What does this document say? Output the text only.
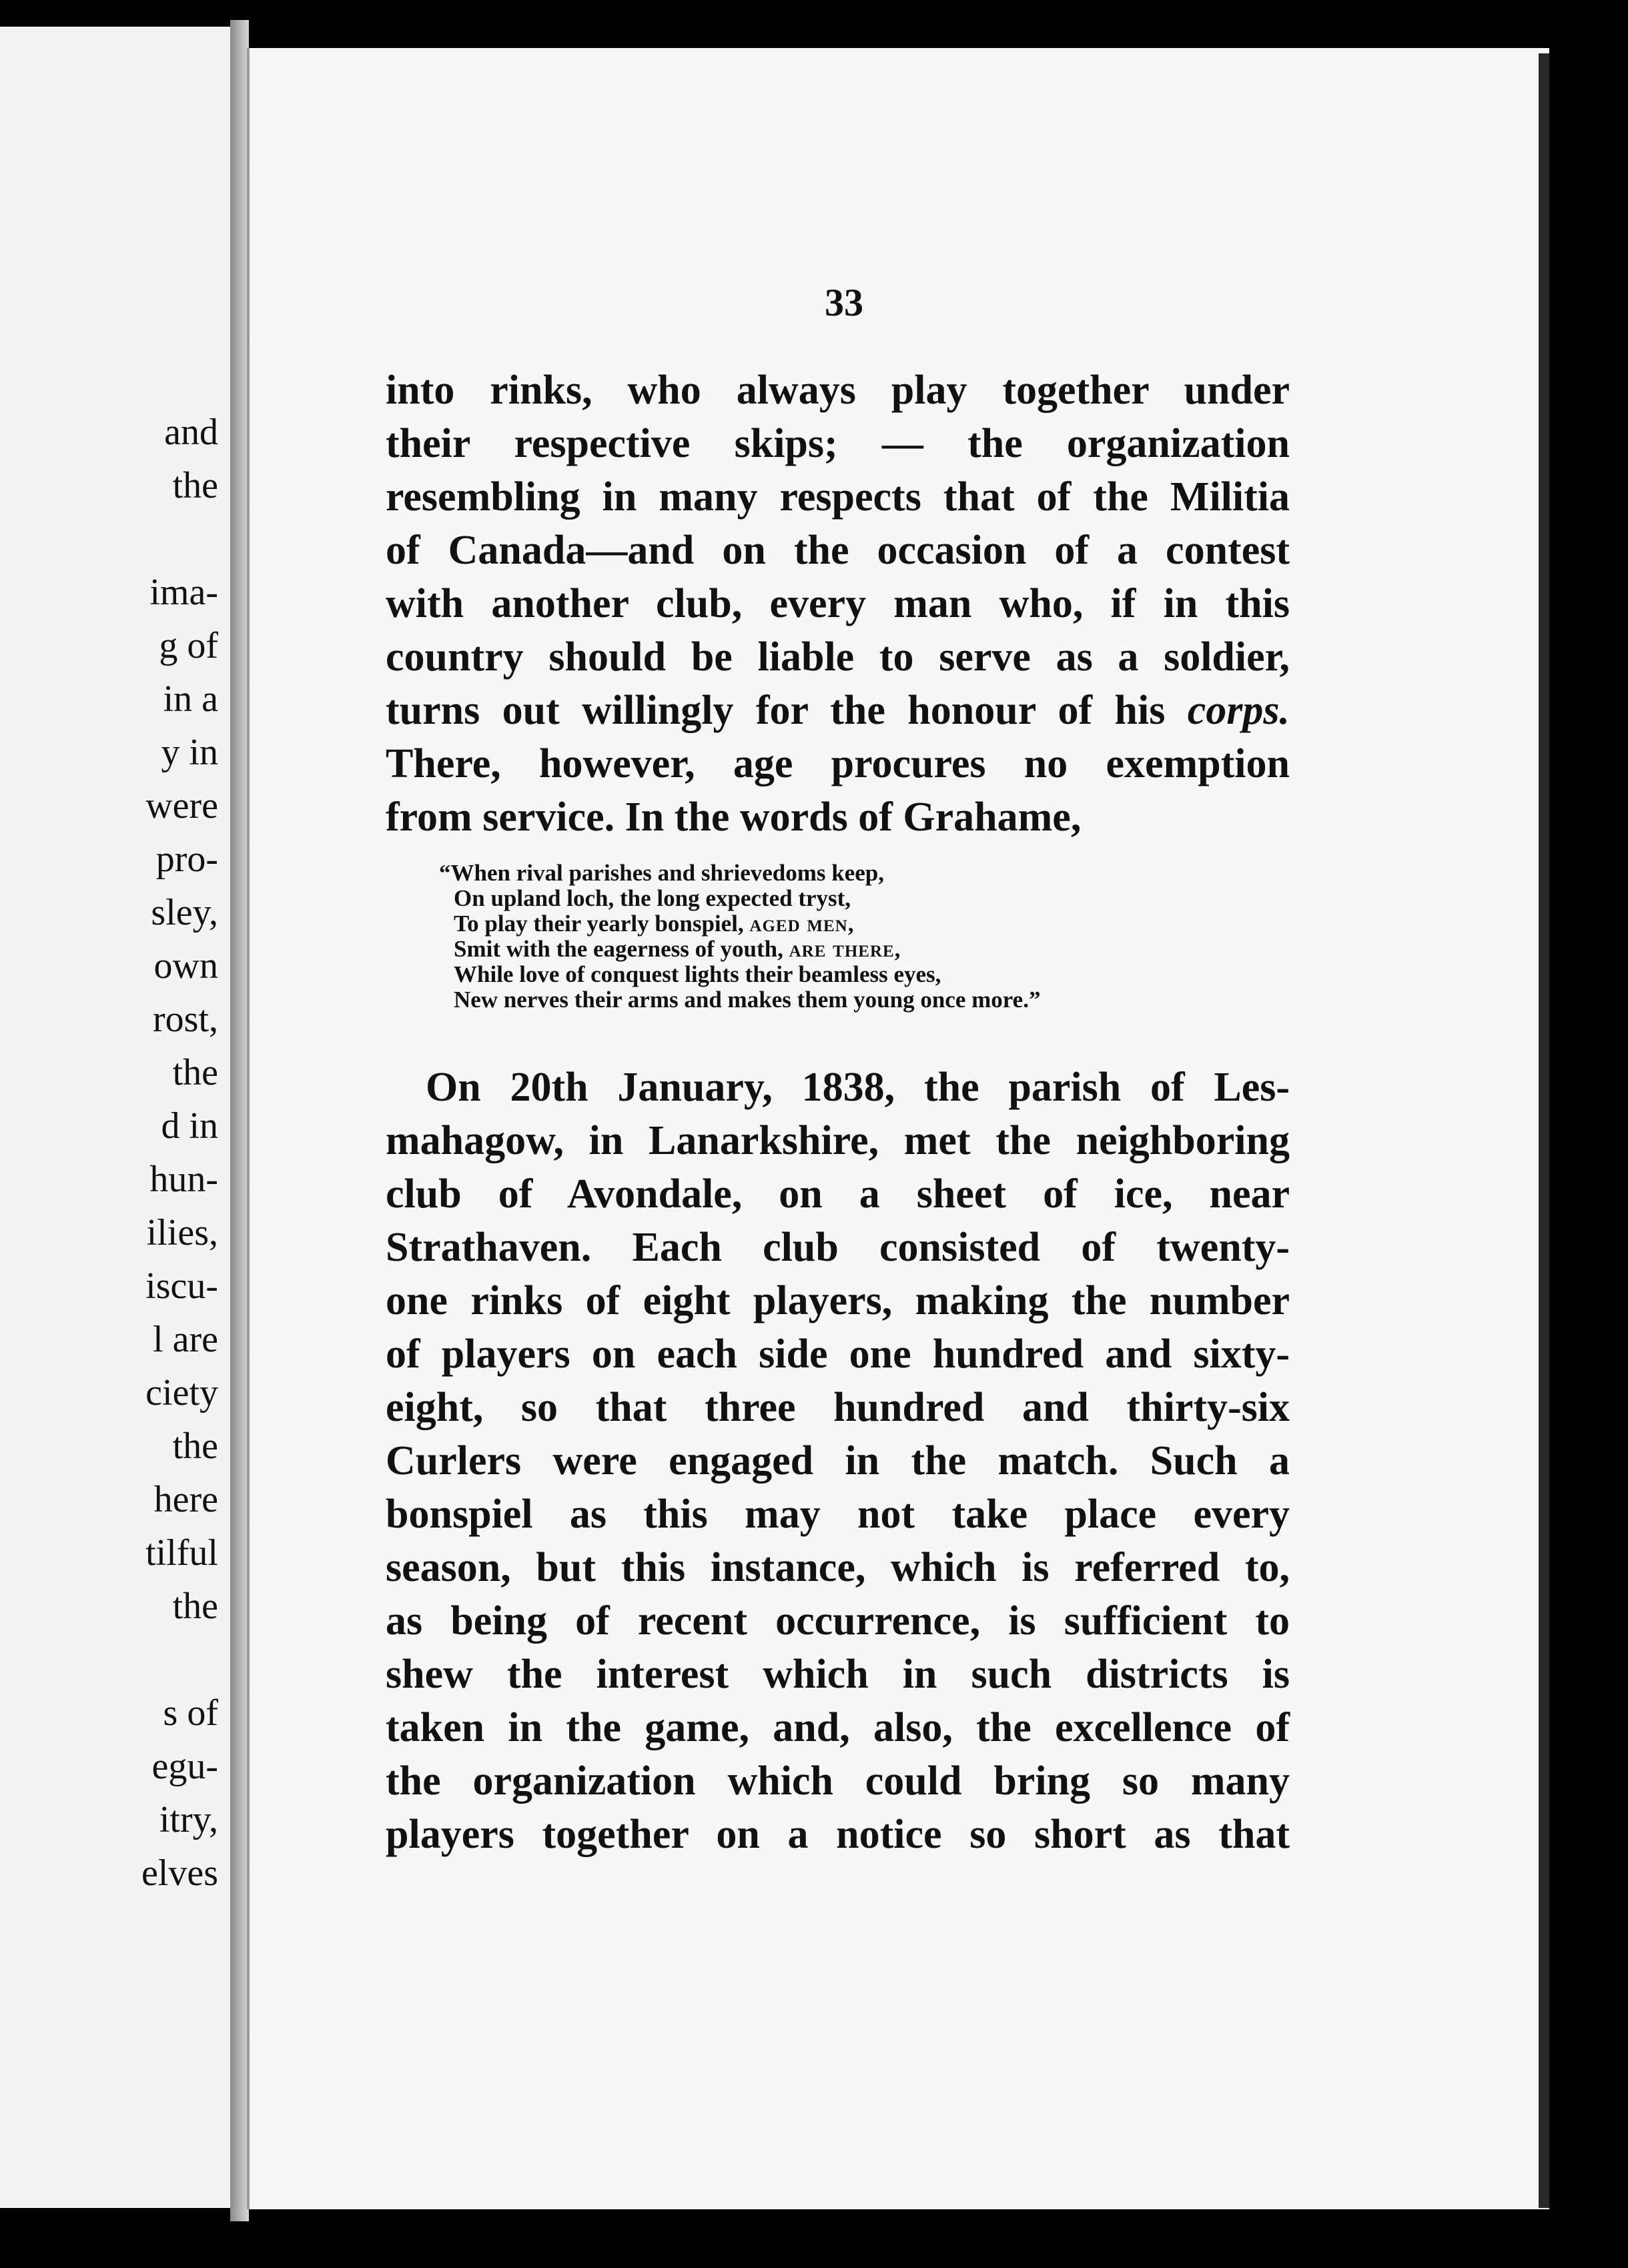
and
the
ima-
g of
in a
y in
were
pro-
sley,
own
rost,
the
d in
hun-
ilies,
iscu-
l are
ciety
the
here
tilful
the
s of
egu-
itry,
elves
33
into rinks, who always play together under
their respective skips; — the organization
resembling in many respects that of the Militia
of Canada—and on the occasion of a contest
with another club, every man who, if in this
country should be liable to serve as a soldier,
turns out willingly for the honour of his corps.
There, however, age procures no exemption
from service. In the words of Grahame,
“When rival parishes and shrievedoms keep,
On upland loch, the long expected tryst,
To play their yearly bonspiel, aged men,
Smit with the eagerness of youth, are there,
While love of conquest lights their beamless eyes,
New nerves their arms and makes them young once more.”
On 20th January, 1838, the parish of Les-
mahagow, in Lanarkshire, met the neighboring
club of Avondale, on a sheet of ice, near
Strathaven. Each club consisted of twenty-
one rinks of eight players, making the number
of players on each side one hundred and sixty-
eight, so that three hundred and thirty-six
Curlers were engaged in the match. Such a
bonspiel as this may not take place every
season, but this instance, which is referred to,
as being of recent occurrence, is sufficient to
shew the interest which in such districts is
taken in the game, and, also, the excellence of
the organization which could bring so many
players together on a notice so short as that
